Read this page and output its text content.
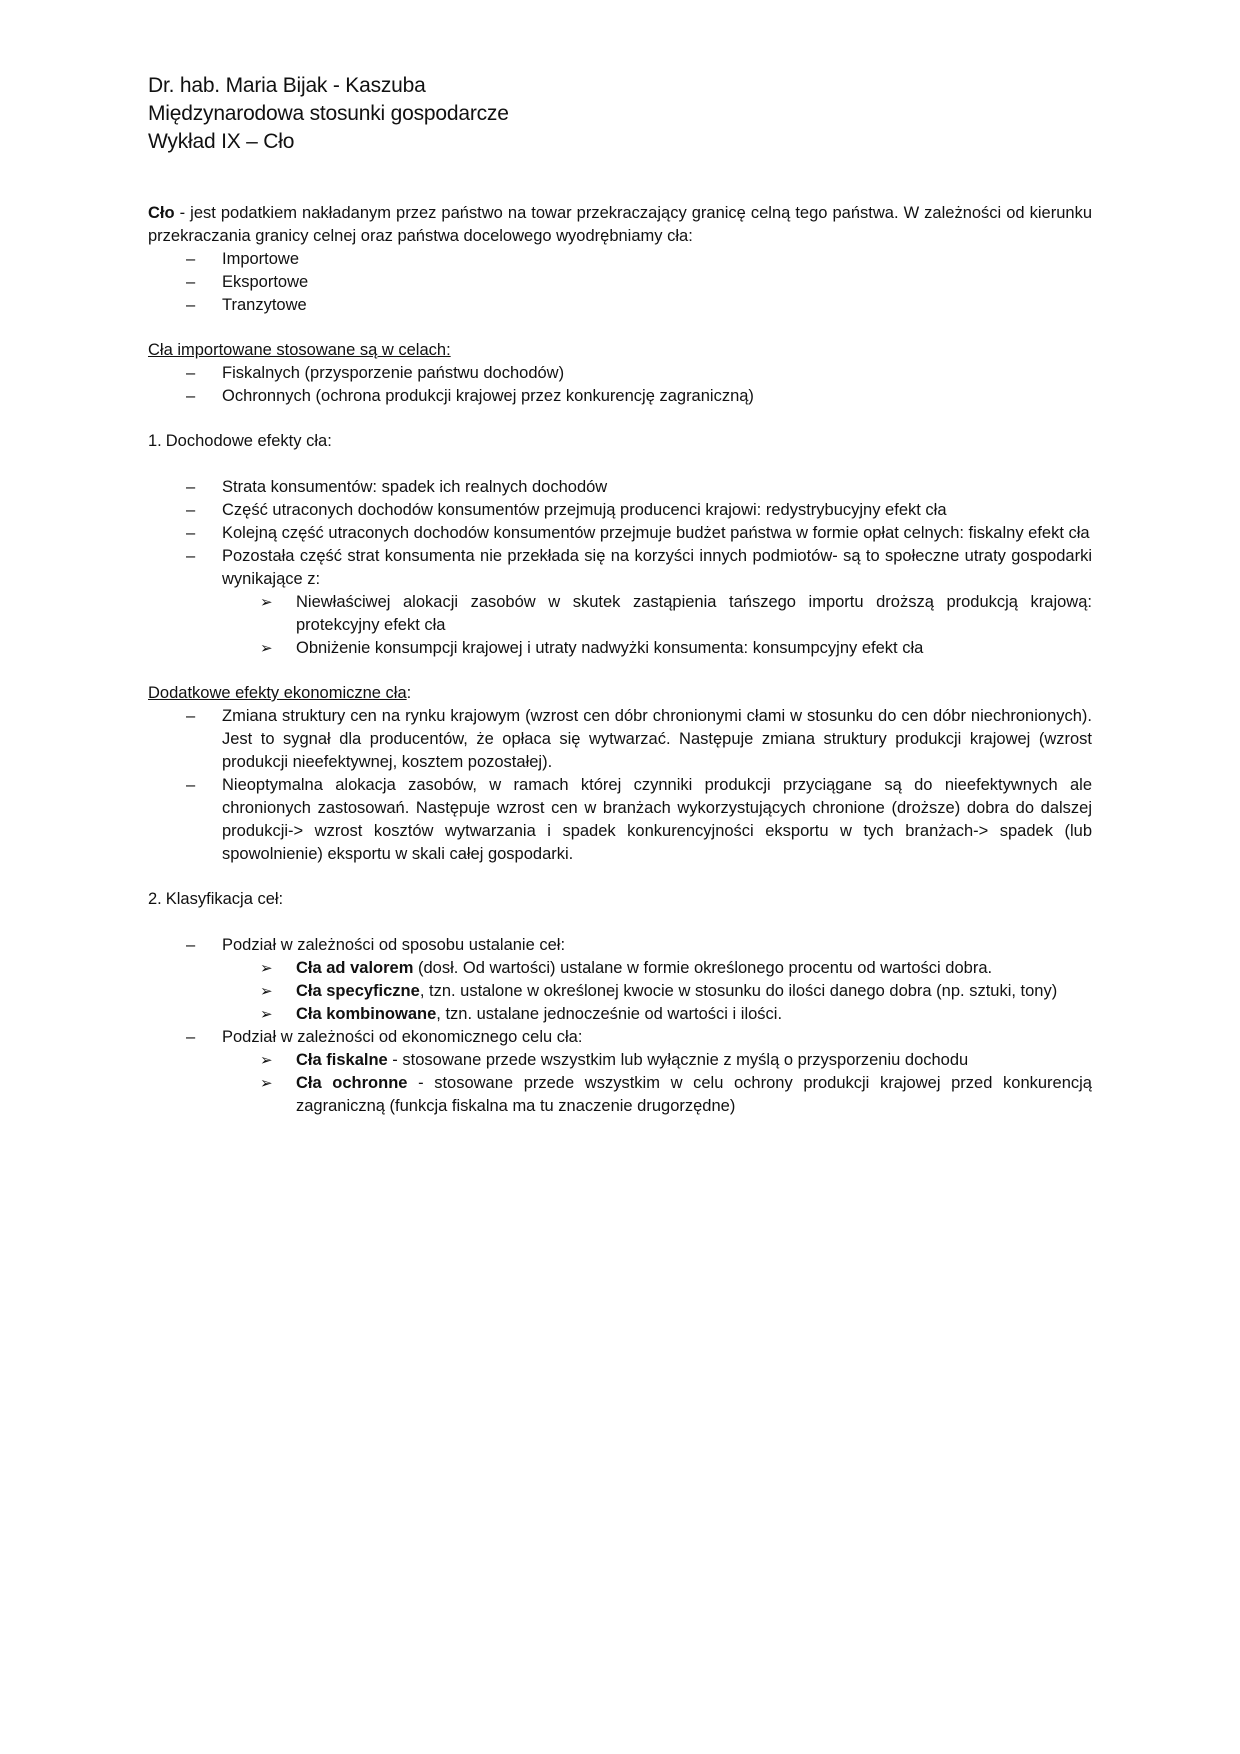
Dr. hab. Maria Bijak - Kaszuba
Międzynarodowa stosunki gospodarcze
Wykład IX – Cło
Cło - jest podatkiem nakładanym przez państwo na towar przekraczający granicę celną tego państwa. W zależności od kierunku przekraczania granicy celnej oraz państwa docelowego wyodrębniamy cła:
–	Importowe
–	Eksportowe
–	Tranzytowe
Cła importowane stosowane są w celach:
–	Fiskalnych (przysporzenie państwu dochodów)
–	Ochronnych (ochrona produkcji krajowej przez konkurencję zagraniczną)
1. Dochodowe efekty cła:
–	Strata konsumentów: spadek ich realnych dochodów
–	Część utraconych dochodów konsumentów przejmują producenci krajowi: redystrybucyjny efekt cła
–	Kolejną część utraconych dochodów konsumentów przejmuje budżet państwa w formie opłat celnych: fiskalny efekt cła
–	Pozostała część strat konsumenta nie przekłada się na korzyści innych podmiotów- są to społeczne utraty gospodarki wynikające z:
➢ Niewłaściwej alokacji zasobów w skutek zastąpienia tańszego importu droższą produkcją krajową: protekcyjny efekt cła
➢ Obniżenie konsumpcji krajowej i utraty nadwyżki konsumenta: konsumpcyjny efekt cła
Dodatkowe efekty ekonomiczne cła:
–	Zmiana struktury cen na rynku krajowym (wzrost cen dóbr chronionymi cłami w stosunku do cen dóbr niechronionych). Jest to sygnał dla producentów, że opłaca się wytwarzać. Następuje zmiana struktury produkcji krajowej (wzrost produkcji nieefektywnej, kosztem pozostałej).
–	Nieoptymalna alokacja zasobów, w ramach której czynniki produkcji przyciągane są do nieefektywnych ale chronionych zastosowań. Następuje wzrost cen w branżach wykorzystujących chronione (droższe) dobra do dalszej produkcji-> wzrost kosztów wytwarzania i spadek konkurencyjności eksportu w tych branżach-> spadek (lub spowolnienie) eksportu w skali całej gospodarki.
2. Klasyfikacja ceł:
–	Podział w zależności od sposobu ustalanie ceł:
➢ Cła ad valorem (dosł. Od wartości) ustalane w formie określonego procentu od wartości dobra.
➢ Cła specyficzne, tzn. ustalone w określonej kwocie w stosunku do ilości danego dobra (np. sztuki, tony)
➢ Cła kombinowane, tzn. ustalane jednocześnie od wartości i ilości.
–	Podział w zależności od ekonomicznego celu cła:
➢ Cła fiskalne - stosowane przede wszystkim lub wyłącznie z myślą o przysporzeniu dochodu
➢ Cła ochronne - stosowane przede wszystkim w celu ochrony produkcji krajowej przed konkurencją zagraniczną (funkcja fiskalna ma tu znaczenie drugorzędne)
